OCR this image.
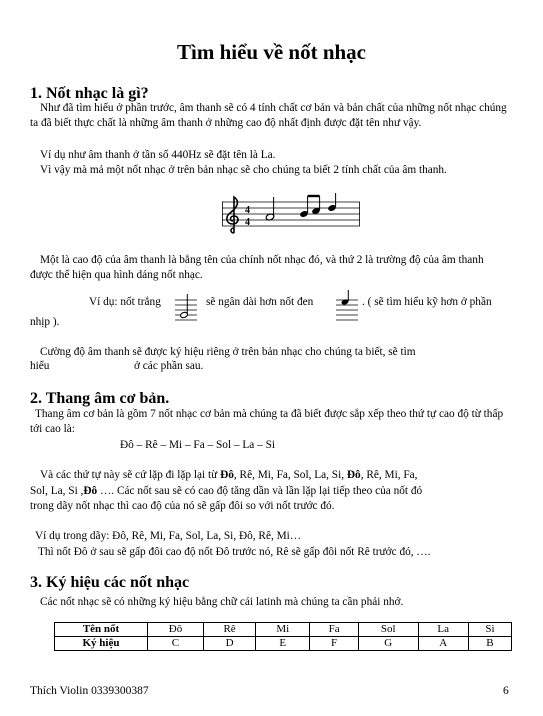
Tìm hiểu về nốt nhạc
1. Nốt nhạc là gì?
Như đã tìm hiểu ở phần trước, âm thanh sẽ có 4 tính chất cơ bản và bản chất của những nốt nhạc chúng ta đã biết thực chất là những âm thanh ở những cao độ nhất định được đặt tên như vậy.
Ví dụ như âm thanh ở tần số 440Hz sẽ đặt tên là La.
Vì vậy mà mả một nốt nhạc ở trên bản nhạc sẽ cho chúng ta biết 2 tính chất của âm thanh.
4
4
Một là cao độ của âm thanh là bằng tên của chính nốt nhạc đó, và thứ 2 là trường độ của âm thanh được thể hiện qua hình dáng nốt nhạc.
Ví dụ: nốt trắng	sẽ ngân dài hơn nốt đen	. ( sẽ tìm hiểu kỹ hơn ở phần
nhịp ).
Cường độ âm thanh sẽ được ký hiệu riêng ở trên bản nhạc cho chúng ta biết, sẽ tìm
hiểu	ở các phần sau.
2. Thang âm cơ bản.
Thang âm cơ bản là gồm 7 nốt nhạc cơ bản mà chúng ta đã biết được sắp xếp theo thứ tự cao độ từ thấp tới cao là:
Đô – Rê – Mi – Fa – Sol – La – Si
Và các thứ tự này sẽ cứ lặp đi lặp lại từ Đô, Rê, Mi, Fa, Sol, La, Si, Đô, Rê, Mi, Fa,
Sol, La, Si ,Đô …. Các nốt sau sẽ có cao độ tăng dần và lần lặp lại tiếp theo của nốt đó
trong dãy nốt nhạc thì cao độ của nó sẽ gấp đôi so với nốt trước đó.
Ví dụ trong dãy: Đô, Rê, Mi, Fa, Sol, La, Si, Đô, Rê, Mi…
Thì nốt Đô ở sau sẽ gấp đôi cao độ nốt Đô trước nó, Rê sẽ gấp đôi nốt Rê trước đó, ….
3. Ký hiệu các nốt nhạc
Các nốt nhạc sẽ có những ký hiệu bằng chữ cái latinh mà chúng ta cần phải nhớ.
Tên nốt	Đô	Rê	Mi	Fa	Sol	La	Si
Ký hiệu	C	D	E	F	G	A	B
Thích Violin 0339300387	6
